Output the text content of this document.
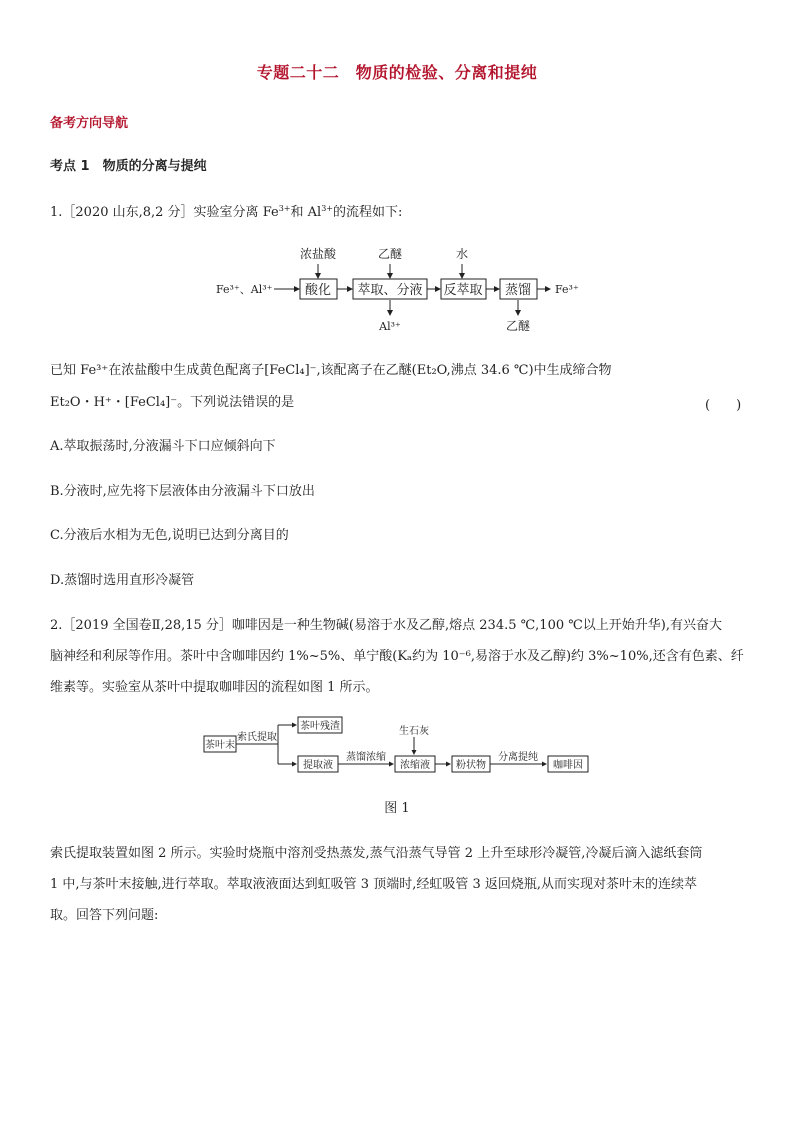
专题二十二　物质的检验、分离和提纯
备考方向导航
考点 1　物质的分离与提纯
1.［2020 山东,8,2 分］实验室分离 $Fe^{3+}$和 $Al^{3+}$的流程如下:
浓盐酸	乙醚	水
Fe³⁺、Al³⁺	Fe³⁺
Al³⁺	乙醚
酸化 萃取、分液 反萃取 蒸馏
已知 Fe³⁺在浓盐酸中生成黄色配离子[FeCl₄]⁻,该配离子在乙醚(Et₂O,沸点 34.6 ℃)中生成缔合物
Et₂O・H⁺・[FeCl₄]⁻。下列说法错误的是	(　　)
A.萃取振荡时,分液漏斗下口应倾斜向下
B.分液时,应先将下层液体由分液漏斗下口放出
C.分液后水相为无色,说明已达到分离目的
D.蒸馏时选用直形冷凝管
2.［2019 全国卷Ⅱ,28,15 分］咖啡因是一种生物碱(易溶于水及乙醇,熔点 234.5 ℃,100 ℃以上开始升华),有兴奋大
脑神经和利尿等作用。茶叶中含咖啡因约 1%~5%、单宁酸(Kₐ约为 10⁻⁶,易溶于水及乙醇)约 3%~10%,还含有色素、纤
维素等。实验室从茶叶中提取咖啡因的流程如图 1 所示。
茶叶末
索氏提取
茶叶残渣
提取液
蒸馏浓缩
生石灰
浓缩液	粉状物
分离提纯
咖啡因
图 1
索氏提取装置如图 2 所示。实验时烧瓶中溶剂受热蒸发,蒸气沿蒸气导管 2 上升至球形冷凝管,冷凝后滴入滤纸套筒
1 中,与茶叶末接触,进行萃取。萃取液液面达到虹吸管 3 顶端时,经虹吸管 3 返回烧瓶,从而实现对茶叶末的连续萃
取。回答下列问题:
